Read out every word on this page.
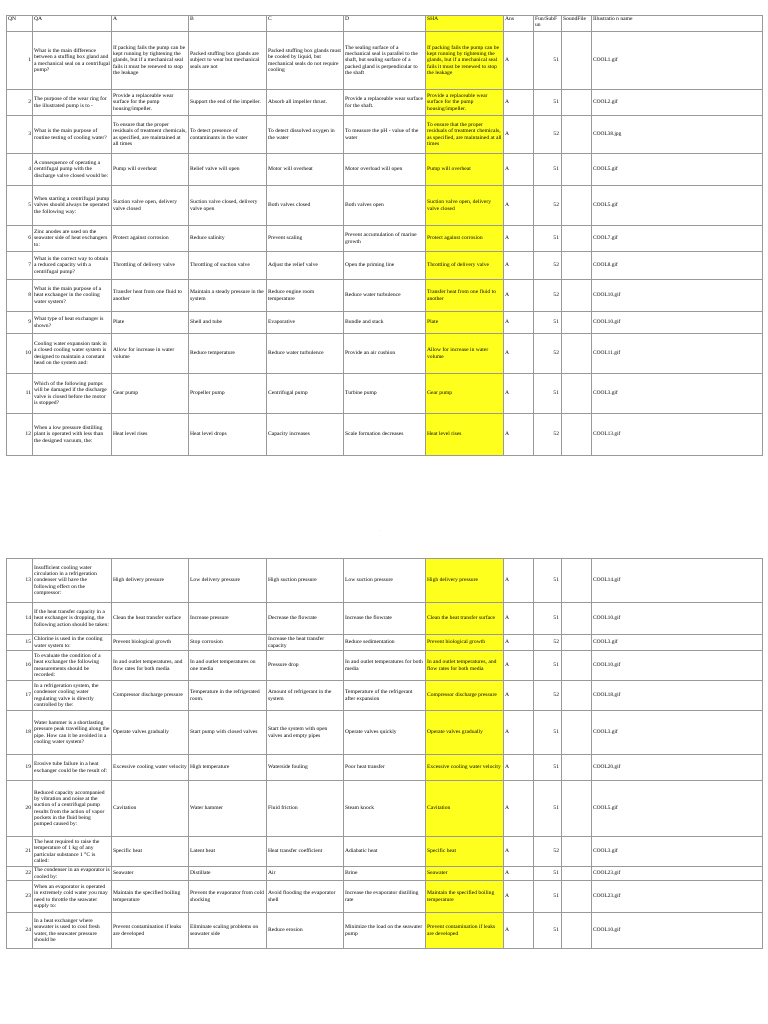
QN	QA	A	B	C	D	SHA	Ans	Fun/SubF un	SoundFile	Illustratio n name
1	What is the main difference between a stuffing box gland and a mechanical seal on a centrifugal pump?	If packing fails the pump can be kept running by tightening the glands, but if a mechanical seal fails it must be renewed to stop the leakage	Packed stuffing box glands are subject to wear but mechanical seals are not	Packed stuffing box glands must be cooled by liquid, but mechanical seals do not require cooling	The sealing surface of a mechanical seal is parallel to the shaft, but sealing surface of a packed gland is perpendicular to the shaft	If packing fails the pump can be kept running by tightening the glands, but if a mechanical seal fails it must be renewed to stop the leakage	A	51		COOL1.gif
2	The purpose of the wear ring for the illustrated pump is to -	Provide a replaceable wear surface for the pump housing/impeller.	Support the end of the impeller.	Absorb all impeller thrust.	Provide a replaceable wear surface for the shaft.	Provide a replaceable wear surface for the pump housing/impeller.	A	51		COOL2.gif
3	What is the main purpose of routine testing of cooling water?	To ensure that the proper residuals of treatment chemicals, as specified, are maintained at all times	To detect presence of contaminants in the water	To detect dissolved oxygen in the water	To measure the pH - value of the water	To ensure that the proper residuals of treatment chemicals, as specified, are maintained at all times	A	52		COOL38.jpg
4	A consequence of operating a centrifugal pump with the discharge valve closed would be:	Pump will overheat	Relief valve will open	Motor will overheat	Motor overload will open	Pump will overheat	A	51		COOL5.gif
5	When starting a centrifugal pump valves should always be operated the following way:	Suction valve open, delivery valve closed	Suction valve closed, delivery valve open	Both valves closed	Both valves open	Suction valve open, delivery valve closed	A	52		COOL5.gif
6	Zinc anodes are used on the seawater side of heat exchangers to:	Protect against corrosion	Reduce salinity	Prevent scaling	Prevent accumulation of marine growth	Protect against corrosion	A	51		COOL7.gif
7	What is the correct way to obtain a reduced capacity with a centrifugal pump?	Throttling of delivery valve	Throttling of suction valve	Adjust the relief valve	Open the priming line	Throttling of delivery valve	A	52		COOL8.gif
8	What is the main purpose of a heat exchanger in the cooling water system?	Transfer heat from one fluid to another	Maintain a steady pressure in the system	Reduce engine room temperature	Reduce water turbulence	Transfer heat from one fluid to another	A	52		COOL10.gif
9	What type of heat exchanger is shown?	Plate	Shell and tube	Evaporative	Bundle and stack	Plate	A	51		COOL10.gif
10	Cooling water expansion tank in a closed cooling water system is designed to maintain a constant head on the system and:	Allow for increase in water volume	Reduce temperature	Reduce water turbulence	Provide an air cushion	Allow for increase in water volume	A	52		COOL11.gif
11	Which of the following pumps will be damaged if the discharge valve is closed before the motor is stopped?	Gear pump	Propeller pump	Centrifugal pump	Turbine pump	Gear pump	A	51		COOL3.gif
12	When a low pressure distilling plant is operated with less than the designed vacuum, the:	Heat level rises	Heat level drops	Capacity increases	Scale formation decreases	Heat level rises	A	52		COOL13.gif
·
13	Insufficient cooling water circulation in a refrigeration condenser will have the following effect on the compressor:	High delivery pressure	Low delivery pressure	High suction pressure	Low suction pressure	High delivery pressure	A	51		COOL14.gif
14	If the heat transfer capacity in a heat exchanger is dropping, the following action should be taken:	Clean the heat transfer surface	Increase pressure	Decrease the flowrate	Increase the flowrate	Clean the heat transfer surface	A	51		COOL10.gif
15	Chlorine is used in the cooling water system to:	Prevent biological growth	Stop corrosion	Increase the heat transfer capacity	Reduce sedimentation	Prevent biological growth	A	52		COOL3.gif
16	To evaluate the condition of a heat exchanger the following measurements should be recorded:	In and outlet temperatures, and flow rates for both media	In and outlet temperatures on one media	Pressure drop	In and outlet temperatures for both media	In and outlet temperatures, and flow rates for both media	A	51		COOL10.gif
17	In a refrigeration system, the condenser cooling water regulating valve is directly controlled by the:	Compressor discharge pressure	Temperature in the refrigerated room.	Amount of refrigerant in the system	Temperature of the refrigerant after expansion	Compressor discharge pressure	A	52		COOL18.gif
18	Water hammer is a shortlasting pressure peak travelling along the pipe. How can it be avoided in a cooling water system?	Operate valves gradually	Start pump with closed valves	Start the system with open valves and empty pipes	Operate valves quickly	Operate valves gradually	A	51		COOL3.gif
19	Erosive tube failure in a heat exchanger could be the result of:	Excessive cooling water velocity	High temperature	Waterside fouling	Poor heat transfer	Excessive cooling water velocity	A	51		COOL20.gif
20	Reduced capacity accompanied by vibration and noise at the suction of a centrifugal pump results from the action of vapor pockets in the fluid being pumped caused by:	Cavitation	Water hammer	Fluid friction	Steam knock	Cavitation	A	51		COOL5.gif
21	The heat required to raise the temperature of 1 kg of any particular substance 1 °C is called:	Specific heat	Latent heat	Heat transfer coefficient	Adiabatic heat	Specific heat	A	52		COOL3.gif
22	The condenser in an evaporator is cooled by:	Seawater	Distillate	Air	Brine	Seawater	A	51		COOL23.gif
23	When an evaporator is operated in extremely cold water you may need to throttle the seawater supply to:	Maintain the specified boiling temperature	Prevent the evaporator from cold shocking	Avoid flooding the evaporator shell	Increase the evaporator distilling rate	Maintain the specified boiling temperature	A	51		COOL23.gif
24	In a heat exchanger where seawater is used to cool fresh water, the seawater pressure should be	Prevent contamination if leaks are developed	Eliminate scaling problems on seawater side	Reduce erosion	Minimize the load on the seawater pump	Prevent contamination if leaks are developed	A	51		COOL10.gif
